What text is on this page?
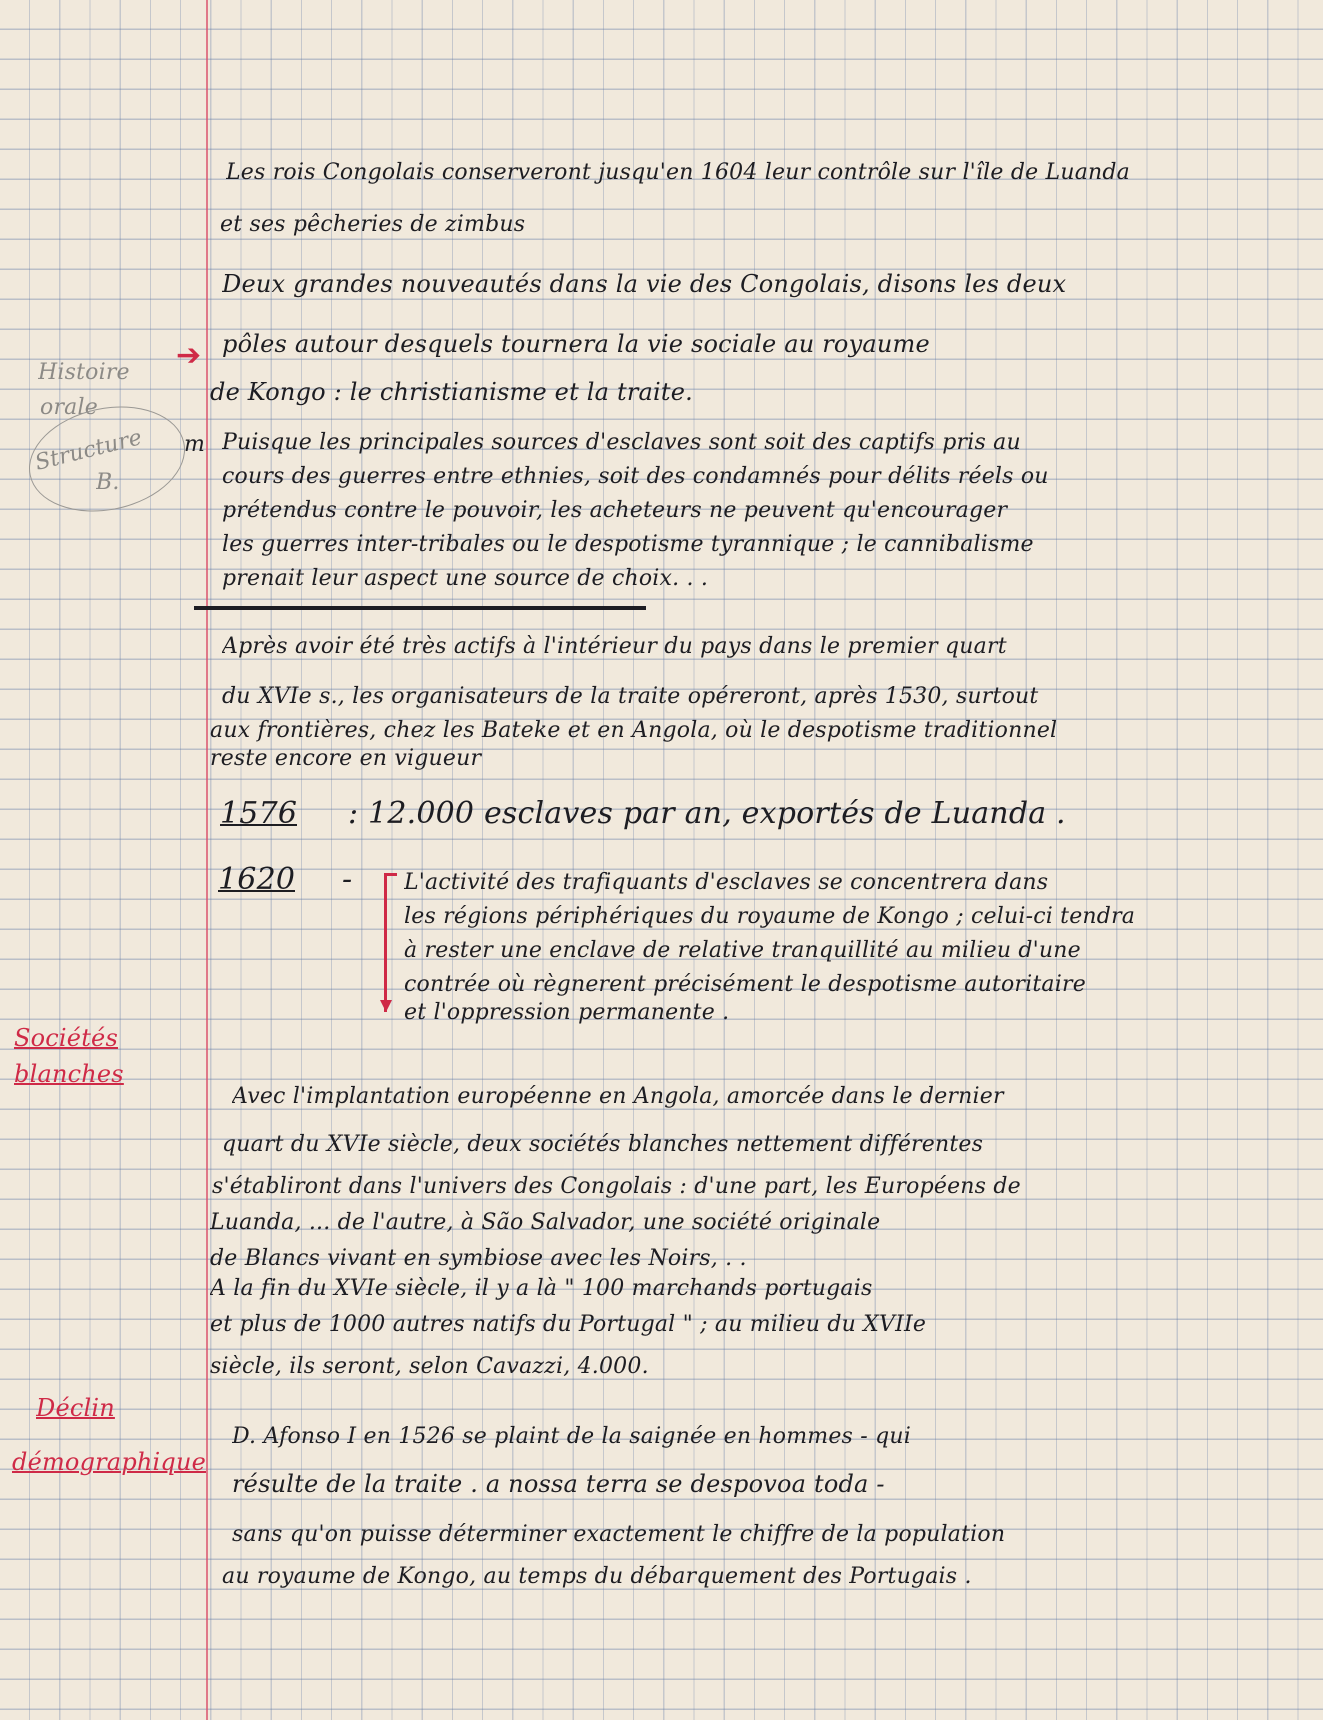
Histoire
orale
Structure
B.
m
Sociétés
blanches
Déclin
démographique
Les rois Congolais conserveront jusqu'en 1604 leur contrôle sur l'île de Luanda
et ses pêcheries de zimbus
Deux grandes nouveautés dans la vie des Congolais, disons les deux
➔ pôles autour desquels tournera la vie sociale au royaume
de Kongo : le christianisme et la traite.
Puisque les principales sources d'esclaves sont soit des captifs pris au
cours des guerres entre ethnies, soit des condamnés pour délits réels ou
prétendus contre le pouvoir, les acheteurs ne peuvent qu'encourager
les guerres inter-tribales ou le despotisme tyrannique ; le cannibalisme
prenait leur aspect une source de choix. . .
Après avoir été très actifs à l'intérieur du pays dans le premier quart
du XVIe s., les organisateurs de la traite opéreront, après 1530, surtout
aux frontières, chez les Bateke et en Angola, où le despotisme traditionnel
reste encore en vigueur
1576 : 12.000 esclaves par an, exportés de Luanda .
1620 - L'activité des trafiquants d'esclaves se concentrera dans
les régions périphériques du royaume de Kongo ; celui-ci tendra
à rester une enclave de relative tranquillité au milieu d'une
contrée où règnerent précisément le despotisme autoritaire
et l'oppression permanente .
Avec l'implantation européenne en Angola, amorcée dans le dernier
quart du XVIe siècle, deux sociétés blanches nettement différentes
s'établiront dans l'univers des Congolais : d'une part, les Européens de
Luanda, ... de l'autre, à São Salvador, une société originale
de Blancs vivant en symbiose avec les Noirs, . .
A la fin du XVIe siècle, il y a là " 100 marchands portugais
et plus de 1000 autres natifs du Portugal " ; au milieu du XVIIe
siècle, ils seront, selon Cavazzi, 4.000.
D. Afonso I en 1526 se plaint de la saignée en hommes - qui
résulte de la traite . a nossa terra se despovoa toda -
sans qu'on puisse déterminer exactement le chiffre de la population
au royaume de Kongo, au temps du débarquement des Portugais .
